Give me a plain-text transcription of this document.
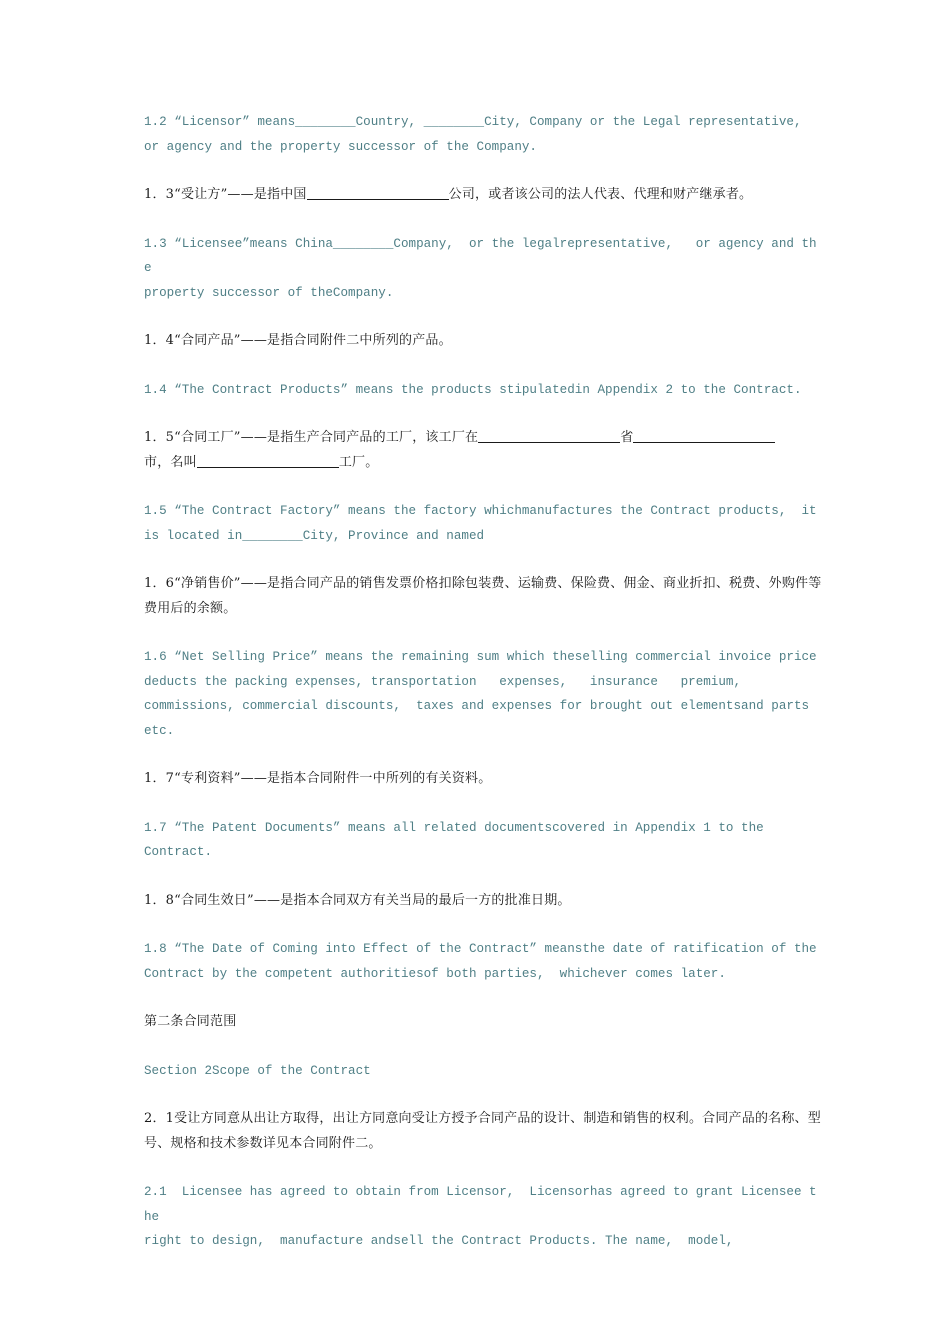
1.2 “Licensor” means________Country, ________City, Company or the Legal representative,
or agency and the property successor of the Company.

1．3“受让方”——是指中国	公司，或者该公司的法人代表、代理和财产继承者。

1.3 “Licensee”means China________Company,  or the legalrepresentative,   or agency and the
property successor of theCompany.

1．4“合同产品”——是指合同附件二中所列的产品。

1.4 “The Contract Products” means the products stipulatedin Appendix 2 to the Contract.

1．5“合同工厂”——是指生产合同产品的工厂，该工厂在	省
市，名叫	工厂。

1.5 “The Contract Factory” means the factory whichmanufactures the Contract products,  it
is located in________City, Province and named

1．6“净销售价”——是指合同产品的销售发票价格扣除包装费、运输费、保险费、佣金、商业折扣、税费、外购件等费用后的余额。

1.6 “Net Selling Price” means the remaining sum which theselling commercial invoice price
deducts the packing expenses, transportation   expenses,   insurance   premium,
commissions, commercial discounts,  taxes and expenses for brought out elementsand parts
etc.

1．7“专利资料”——是指本合同附件一中所列的有关资料。

1.7 “The Patent Documents” means all related documentscovered in Appendix 1 to the
Contract.

1．8“合同生效日”——是指本合同双方有关当局的最后一方的批准日期。

1.8 “The Date of Coming into Effect of the Contract” meansthe date of ratification of the
Contract by the competent authoritiesof both parties,  whichever comes later.

第二条合同范围

Section 2Scope of the Contract

2．1受让方同意从出让方取得，出让方同意向受让方授予合同产品的设计、制造和销售的权利。合同产品的名称、型号、规格和技术参数详见本合同附件二。

2.1  Licensee has agreed to obtain from Licensor,  Licensorhas agreed to grant Licensee the
right to design,  manufacture andsell the Contract Products. The name,  model,
